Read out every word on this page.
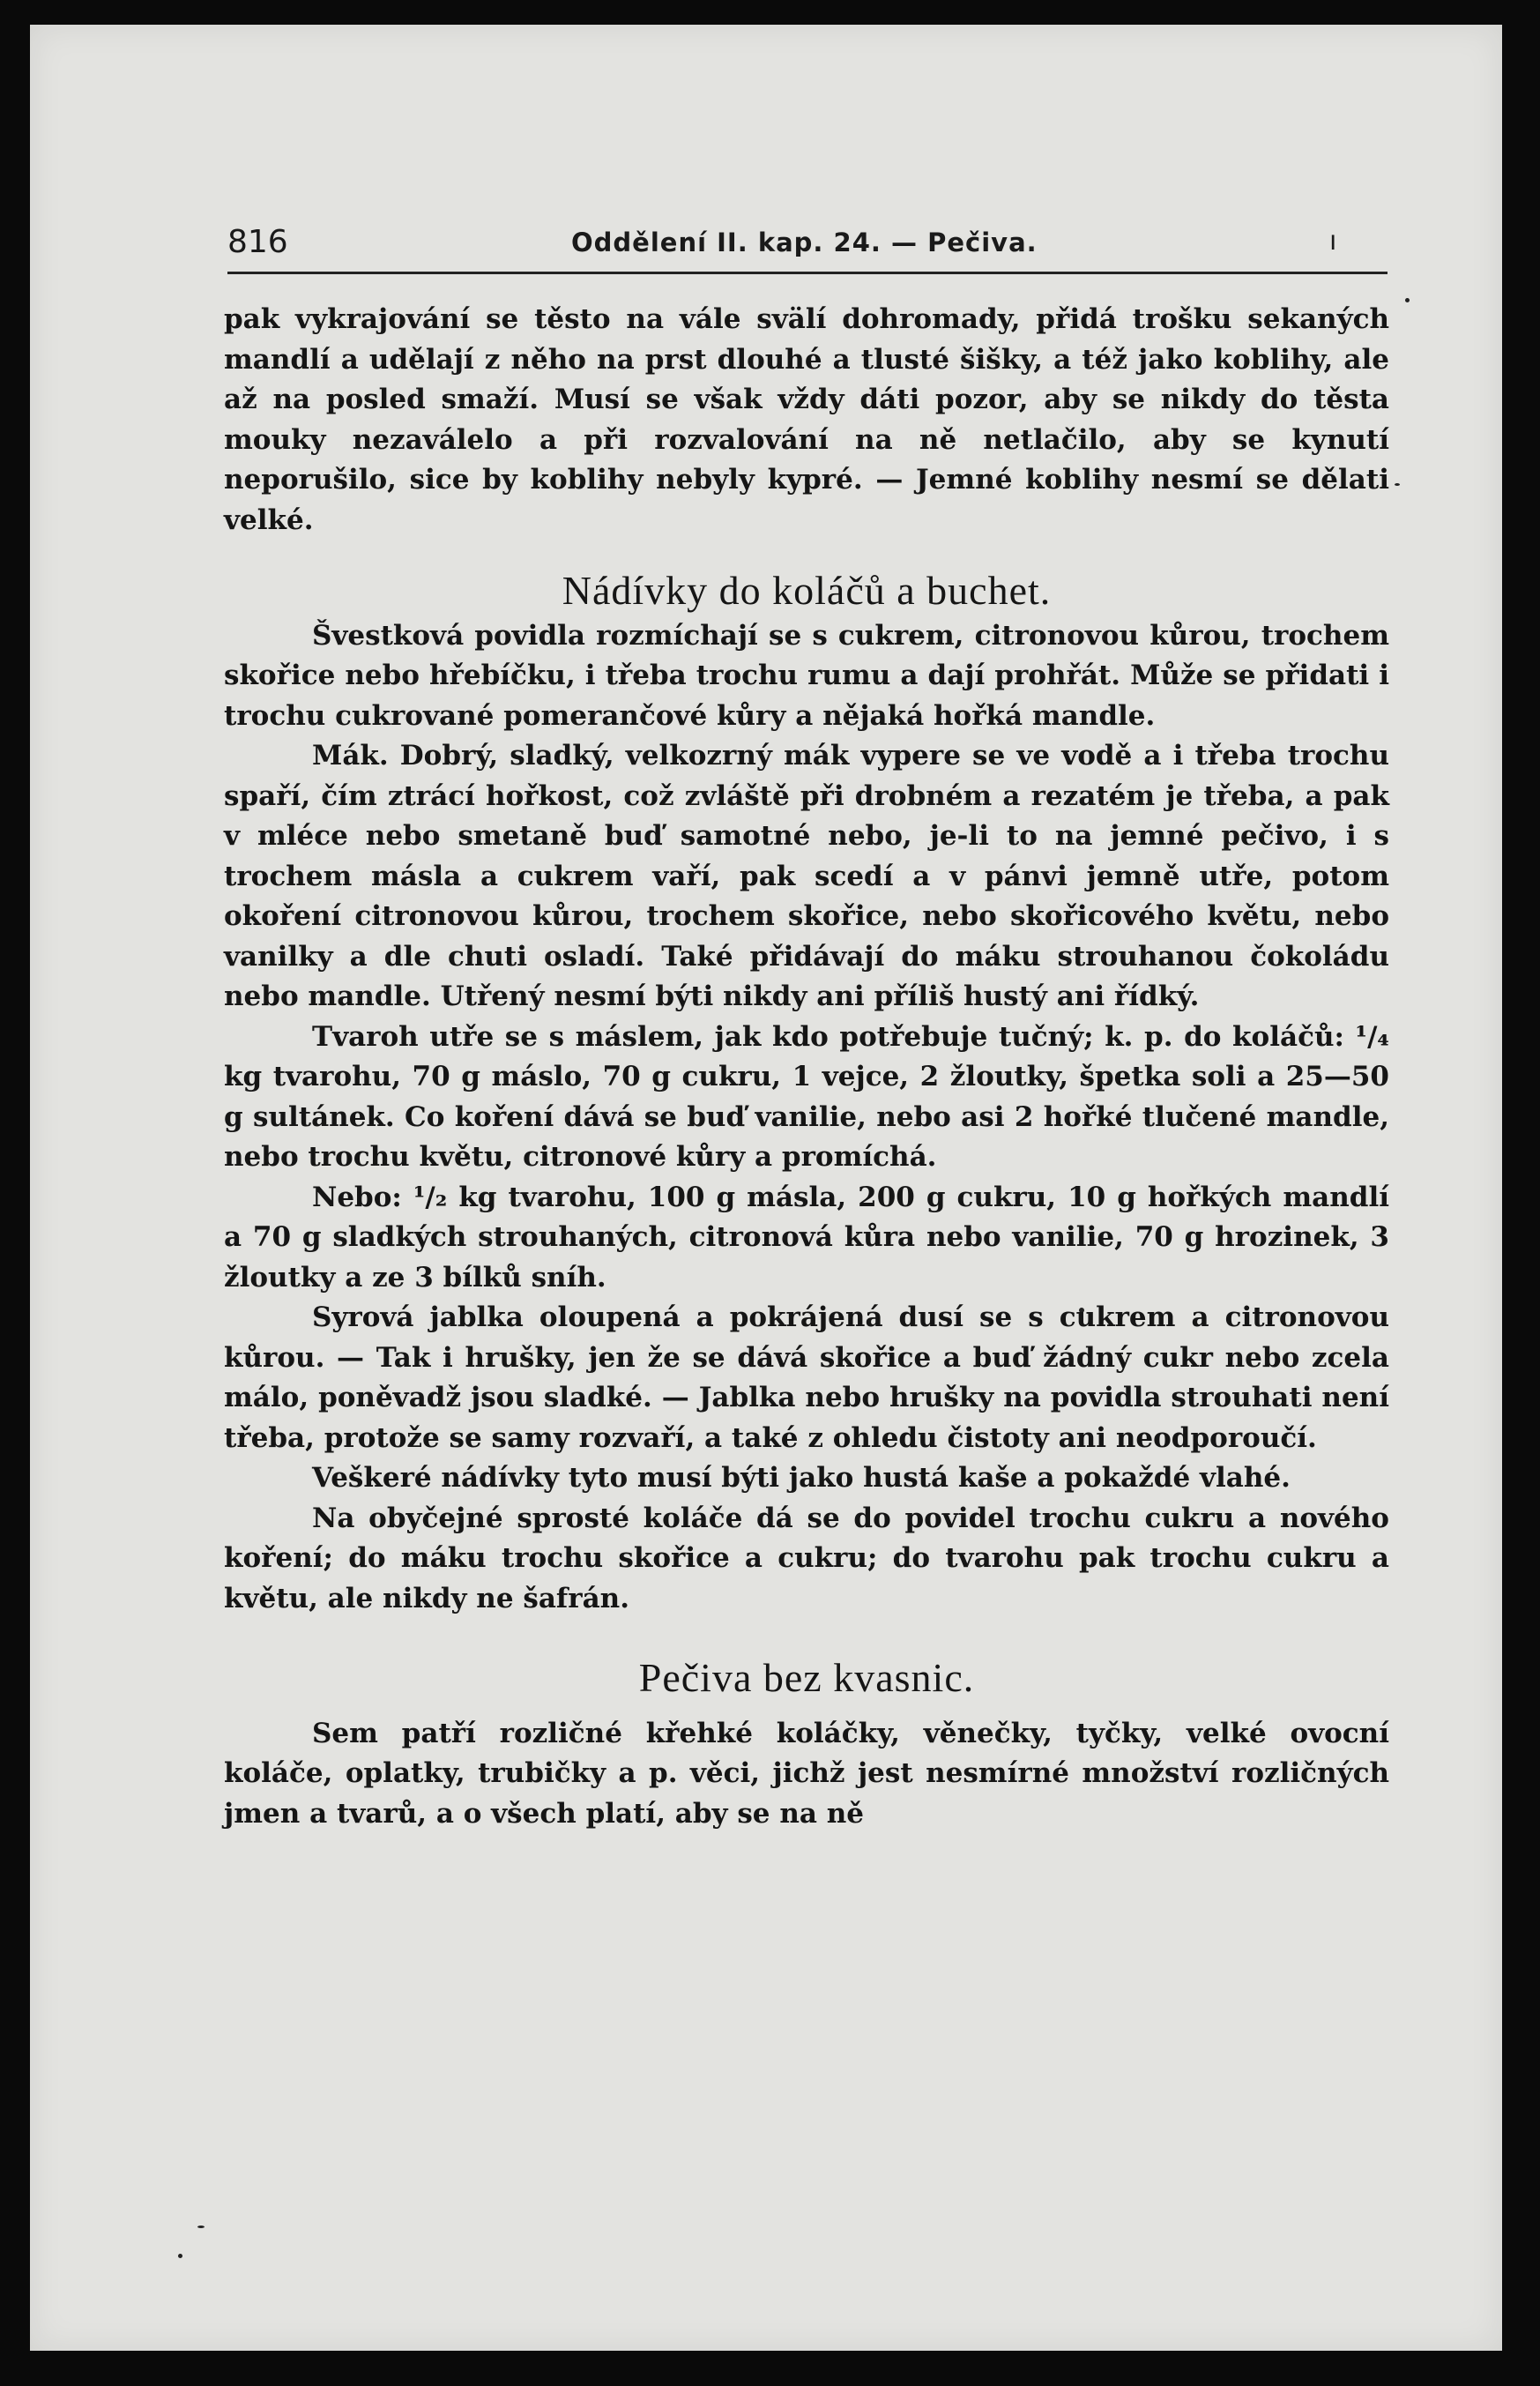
816	Oddělení II. kap. 24. — Pečiva.	ı

pak vykrajování se těsto na vále svälí dohromady, přidá trošku sekaných mandlí a udělají z něho na prst dlouhé a tlusté šišky, a též jako koblihy, ale až na posled smaží. Musí se však vždy dáti pozor, aby se nikdy do těsta mouky nezaválelo a při rozvalování na ně netlačilo, aby se kynutí neporušilo, sice by koblihy nebyly kypré. — Jemné koblihy nesmí se dělati velké.

Nádívky do koláčů a buchet.

Švestková povidla rozmíchají se s cukrem, citronovou kůrou, trochem skořice nebo hřebíčku, i třeba trochu rumu a dají prohřát. Může se přidati i trochu cukrované pomerančové kůry a nějaká hořká mandle.

Mák. Dobrý, sladký, velkozrný mák vypere se ve vodě a i třeba trochu spaří, čím ztrácí hořkost, což zvláště při drobném a rezatém je třeba, a pak v mléce nebo smetaně buď samotné nebo, je-li to na jemné pečivo, i s trochem másla a cukrem vaří, pak scedí a v pánvi jemně utře, potom okoření citronovou kůrou, trochem skořice, nebo skořicového květu, nebo vanilky a dle chuti osladí. Také přidávají do máku strouhanou čokoládu nebo mandle. Utřený nesmí býti nikdy ani příliš hustý ani řídký.

Tvaroh utře se s máslem, jak kdo potřebuje tučný; k. p. do koláčů: ¹/₄ kg tvarohu, 70 g máslo, 70 g cukru, 1 vejce, 2 žloutky, špetka soli a 25—50 g sultánek. Co koření dává se buď vanilie, nebo asi 2 hořké tlučené mandle, nebo trochu květu, citronové kůry a promíchá.

Nebo: ¹/₂ kg tvarohu, 100 g másla, 200 g cukru, 10 g hořkých mandlí a 70 g sladkých strouhaných, citronová kůra nebo vanilie, 70 g hrozinek, 3 žloutky a ze 3 bílků sníh.

Syrová jablka oloupená a pokrájená dusí se s cukrem a citronovou kůrou. — Tak i hrušky, jen že se dává skořice a buď žádný cukr nebo zcela málo, poněvadž jsou sladké. — Jablka nebo hrušky na povidla strouhati není třeba, protože se samy rozvaří, a také z ohledu čistoty ani neodporoučí.

Veškeré nádívky tyto musí býti jako hustá kaše a pokaždé vlahé.

Na obyčejné sprosté koláče dá se do povidel trochu cukru a nového koření; do máku trochu skořice a cukru; do tvarohu pak trochu cukru a květu, ale nikdy ne šafrán.

Pečiva bez kvasnic.

Sem patří rozličné křehké koláčky, věnečky, tyčky, velké ovocní koláče, oplatky, trubičky a p. věci, jichž jest nesmírné množství rozličných jmen a tvarů, a o všech platí, aby se na ně
